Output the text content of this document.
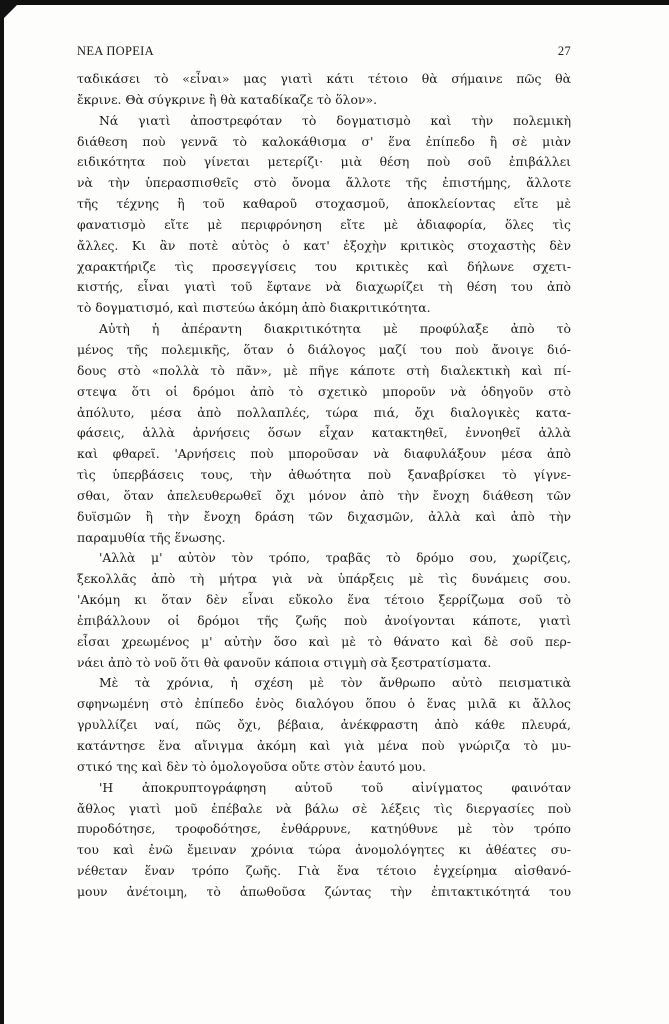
ΝΕΑ ΠΟΡΕΙΑ	27
ταδικάσει τὸ «εἶναι» μας γιατὶ κάτι τέτοιο θὰ σήμαινε πῶς θὰ
ἔκρινε. Θὰ σύγκρινε ἢ θὰ καταδίκαζε τὸ ὅλον».
Νά γιατὶ ἀποστρεφόταν τὸ δογματισμὸ καὶ τὴν πολεμικὴ
διάθεση ποὺ γεννᾶ τὸ καλοκάθισμα σ' ἕνα ἐπίπεδο ἢ σὲ μιὰν
ειδικότητα ποὺ γίνεται μετερίζι· μιὰ θέση ποὺ σοῦ ἐπιβάλλει
νὰ τὴν ὑπερασπισθεῖς στὸ ὄνομα ἄλλοτε τῆς ἐπιστήμης, ἄλλοτε
τῆς τέχνης ἢ τοῦ καθαροῦ στοχασμοῦ, ἀποκλείοντας εἴτε μὲ
φανατισμὸ εἴτε μὲ περιφρόνηση εἴτε μὲ ἀδιαφορία, ὅλες τὶς
ἄλλες. Κι ἂν ποτὲ αὐτὸς ὁ κατ' ἐξοχὴν κριτικὸς στοχαστὴς δὲν
χαρακτήριζε τὶς προσεγγίσεις του κριτικὲς καὶ δήλωνε σχετι-
κιστής, εἶναι γιατὶ τοῦ ἔφτανε νὰ διαχωρίζει τὴ θέση του ἀπὸ
τὸ δογματισμό, καὶ πιστεύω ἀκόμη ἀπὸ διακριτικότητα.
Αὐτὴ ἡ ἀπέραντη διακριτικότητα μὲ προφύλαξε ἀπὸ τὸ
μένος τῆς πολεμικῆς, ὅταν ὁ διάλογος μαζί του ποὺ ἄνοιγε διό-
δους στὸ «πολλὰ τὸ πᾶν», μὲ πῆγε κάποτε στὴ διαλεκτικὴ καὶ πί-
στεψα ὅτι οἱ δρόμοι ἀπὸ τὸ σχετικὸ μποροῦν νὰ ὁδηγοῦν στὸ
ἀπόλυτο, μέσα ἀπὸ πολλαπλές, τώρα πιά, ὄχι διαλογικὲς κατα-
φάσεις, ἀλλὰ ἀρνήσεις ὅσων εἶχαν κατακτηθεῖ, ἐννοηθεῖ ἀλλὰ
καὶ φθαρεῖ. 'Αρνήσεις ποὺ μποροῦσαν νὰ διαφυλάξουν μέσα ἀπὸ
τὶς ὑπερβάσεις τους, τὴν ἀθωότητα ποὺ ξαναβρίσκει τὸ γίγνε-
σθαι, ὅταν ἀπελευθερωθεῖ ὄχι μόνον ἀπὸ τὴν ἔνοχη διάθεση τῶν
δυϊσμῶν ἢ τὴν ἔνοχη δράση τῶν διχασμῶν, ἀλλὰ καὶ ἀπὸ τὴν
παραμυθία τῆς ἕνωσης.
'Αλλὰ μ' αὐτὸν τὸν τρόπο, τραβᾶς τὸ δρόμο σου, χωρίζεις,
ξεκολλᾶς ἀπὸ τὴ μήτρα γιὰ νὰ ὑπάρξεις μὲ τὶς δυνάμεις σου.
'Ακόμη κι ὅταν δὲν εἶναι εὔκολο ἕνα τέτοιο ξερρίζωμα σοῦ τὸ
ἐπιβάλλουν οἱ δρόμοι τῆς ζωῆς ποὺ ἀνοίγονται κάποτε, γιατὶ
εἶσαι χρεωμένος μ' αὐτὴν ὅσο καὶ μὲ τὸ θάνατο καὶ δὲ σοῦ περ-
νάει ἀπὸ τὸ νοῦ ὅτι θὰ φανοῦν κάποια στιγμὴ σὰ ξεστρατίσματα.
Μὲ τὰ χρόνια, ἡ σχέση μὲ τὸν ἄνθρωπο αὐτὸ πεισματικὰ
σφηνωμένη στὸ ἐπίπεδο ἑνὸς διαλόγου ὅπου ὁ ἕνας μιλᾶ κι ἄλλος
γρυλλίζει ναί, πῶς ὄχι, βέβαια, ἀνέκφραστη ἀπὸ κάθε πλευρά,
κατάντησε ἕνα αἴνιγμα ἀκόμη καὶ γιὰ μένα ποὺ γνώριζα τὸ μυ-
στικό της καὶ δὲν τὸ ὁμολογοῦσα οὔτε στὸν ἑαυτό μου.
'Η ἀποκρυπτογράφηση αὐτοῦ τοῦ αἰνίγματος φαινόταν
ἄθλος γιατὶ μοῦ ἐπέβαλε νὰ βάλω σὲ λέξεις τὶς διεργασίες ποὺ
πυροδότησε, τροφοδότησε, ἐνθάρρυνε, κατηύθυνε μὲ τὸν τρόπο
του καὶ ἐνῶ ἔμειναν χρόνια τώρα ἀνομολόγητες κι ἀθέατες συ-
νέθεταν ἕναν τρόπο ζωῆς. Γιὰ ἕνα τέτοιο ἐγχείρημα αἰσθανό-
μουν ἀνέτοιμη, τὸ ἀπωθοῦσα ζώντας τὴν ἐπιτακτικότητά του
